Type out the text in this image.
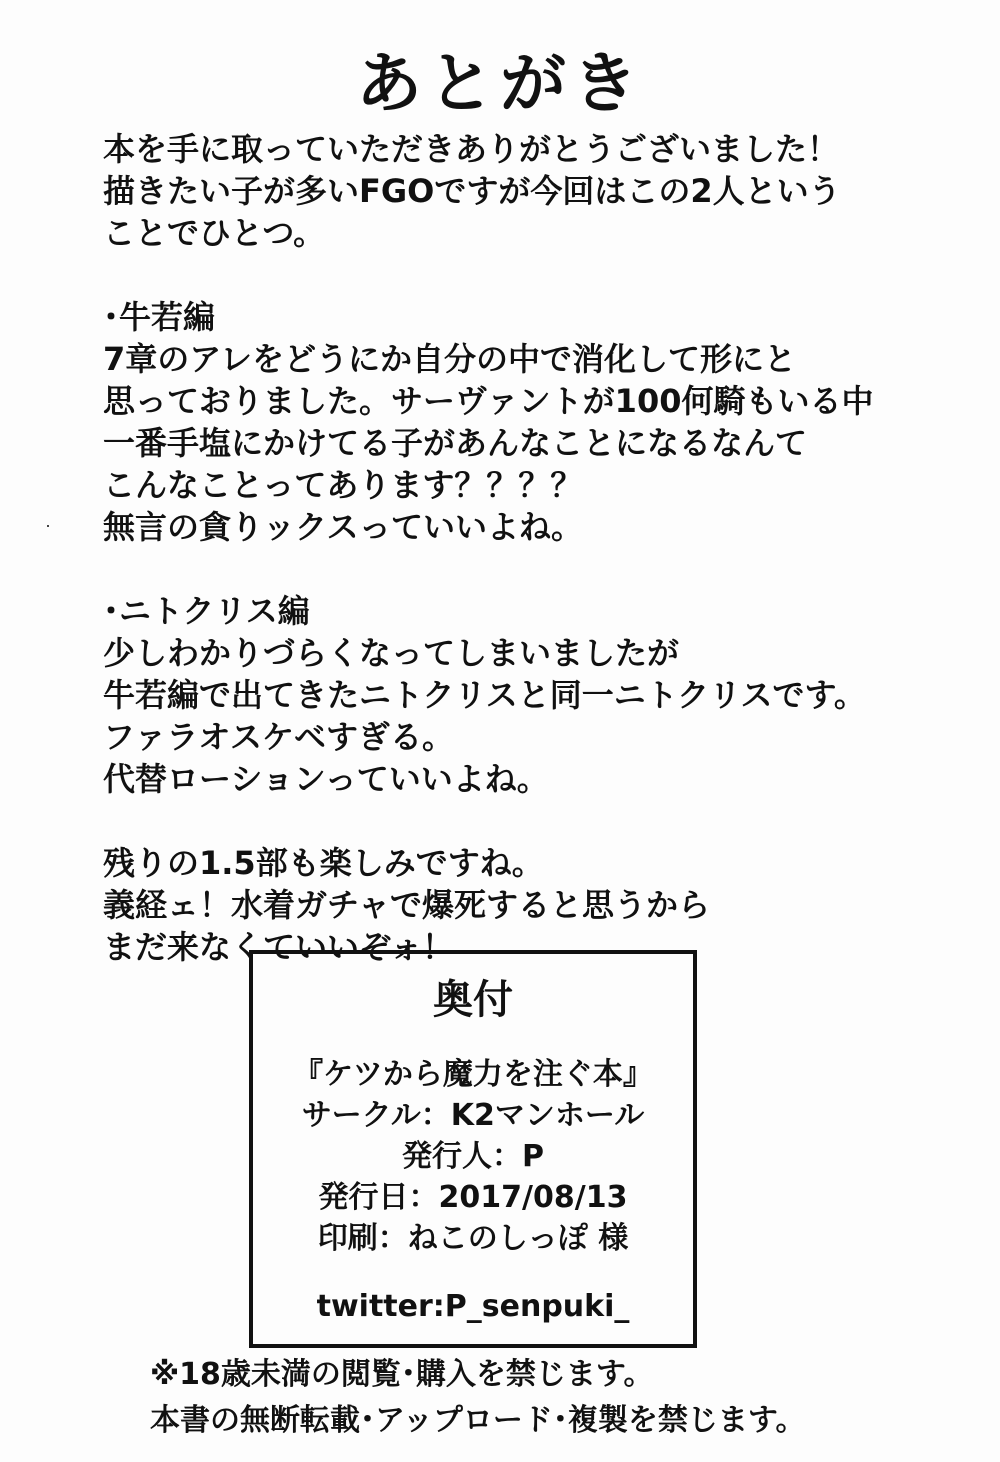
あとがき
本を手に取っていただきありがとうございました！
描きたい子が多いFGOですが今回はこの2人という
ことでひとつ。
･牛若編
7章のアレをどうにか自分の中で消化して形にと
思っておりました。サーヴァントが100何騎もいる中
一番手塩にかけてる子があんなことになるなんて
こんなことってあります？？？？
無言の貪りックスっていいよね。
･ニトクリス編
少しわかりづらくなってしまいましたが
牛若編で出てきたニトクリスと同一ニトクリスです。
ファラオスケベすぎる。
代替ローションっていいよね。
残りの1.5部も楽しみですね。
義経ェ！水着ガチャで爆死すると思うから
まだ来なくていいぞォ！
奥付
『ケツから魔力を注ぐ本』
サークル：K2マンホール
発行人：P
発行日：2017/08/13
印刷：ねこのしっぽ 様
twitter:P_senpuki_
※18歳未満の閲覧･購入を禁じます。
本書の無断転載･アップロード･複製を禁じます。
